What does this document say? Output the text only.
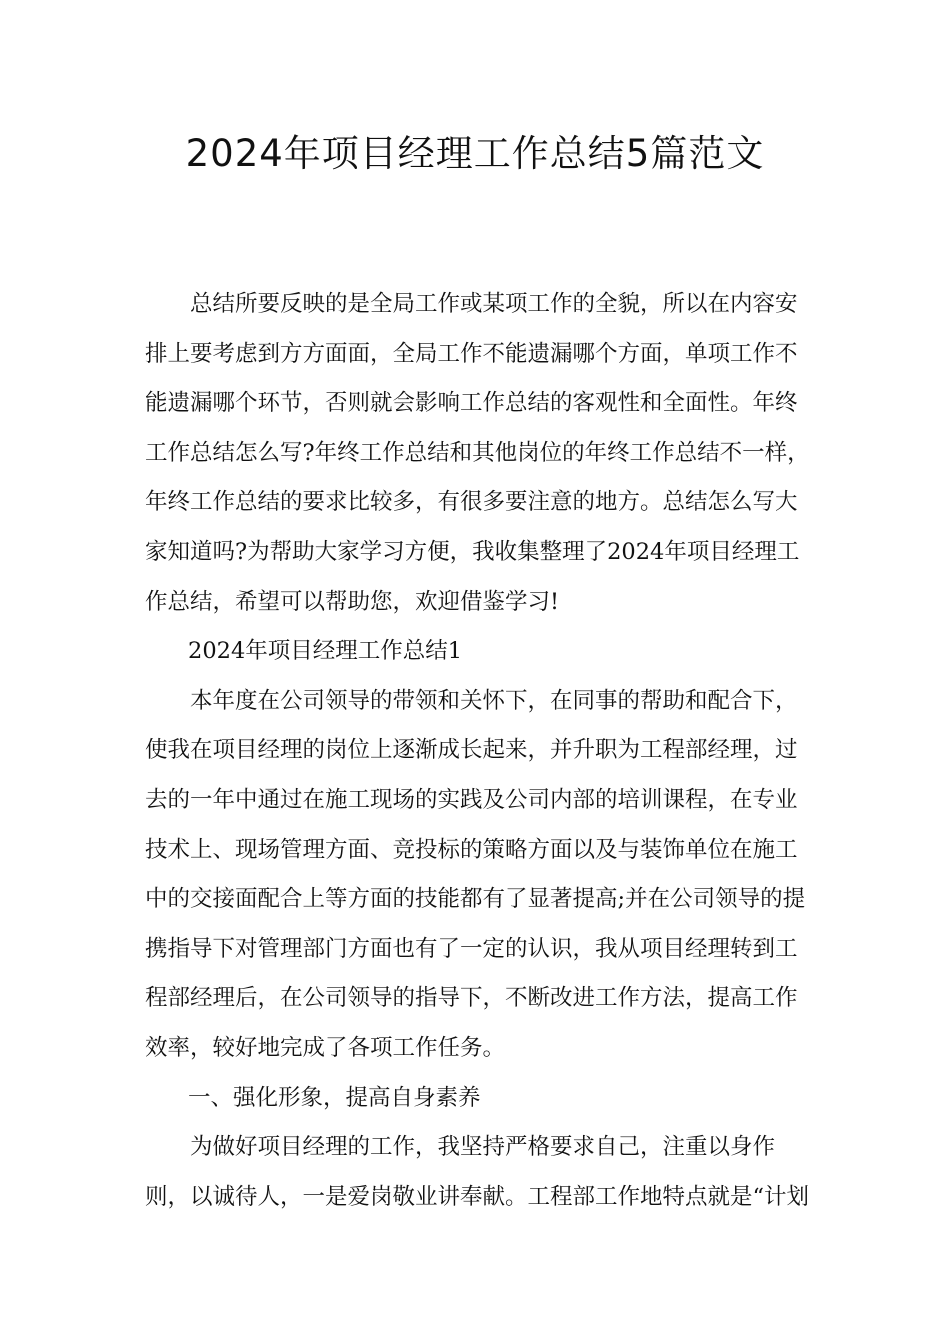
2024年项目经理工作总结5篇范文

总结所要反映的是全局工作或某项工作的全貌，所以在内容安排上要考虑到方方面面，全局工作不能遗漏哪个方面，单项工作不能遗漏哪个环节，否则就会影响工作总结的客观性和全面性。年终工作总结怎么写?年终工作总结和其他岗位的年终工作总结不一样，年终工作总结的要求比较多，有很多要注意的地方。总结怎么写大家知道吗?为帮助大家学习方便，我收集整理了2024年项目经理工作总结，希望可以帮助您，欢迎借鉴学习!

2024年项目经理工作总结1

本年度在公司领导的带领和关怀下，在同事的帮助和配合下，使我在项目经理的岗位上逐渐成长起来，并升职为工程部经理，过去的一年中通过在施工现场的实践及公司内部的培训课程，在专业技术上、现场管理方面、竞投标的策略方面以及与装饰单位在施工中的交接面配合上等方面的技能都有了显著提高;并在公司领导的提携指导下对管理部门方面也有了一定的认识，我从项目经理转到工程部经理后，在公司领导的指导下，不断改进工作方法，提高工作效率，较好地完成了各项工作任务。

一、强化形象，提高自身素养

为做好项目经理的工作，我坚持严格要求自己，注重以身作则，以诚待人，一是爱岗敬业讲奉献。工程部工作地特点就是“计划
